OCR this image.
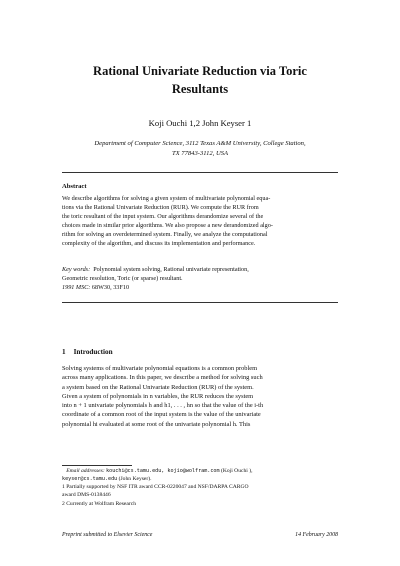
Rational Univariate Reduction via Toric
Resultants
Koji Ouchi 1,2 John Keyser 1
Department of Computer Science, 3112 Texas A&M University, College Station,
TX 77843-3112, USA
Abstract
We describe algorithms for solving a given system of multivariate polynomial equa-
tions via the Rational Univariate Reduction (RUR). We compute the RUR from
the toric resultant of the input system. Our algorithms derandomize several of the
choices made in similar prior algorithms. We also propose a new derandomized algo-
rithm for solving an overdetermined system. Finally, we analyze the computational
complexity of the algorithm, and discuss its implementation and performance.
Key words: Polynomial system solving, Rational univariate representation,
Geometric resolution, Toric (or sparse) resultant.
1991 MSC: 68W30, 33F10
1 Introduction
Solving systems of multivariate polynomial equations is a common problem
across many applications. In this paper, we describe a method for solving such
a system based on the Rational Univariate Reduction (RUR) of the system.
Given a system of polynomials in n variables, the RUR reduces the system
into n + 1 univariate polynomials h and h1, . . . , hn so that the value of the i-th
coordinate of a common root of the input system is the value of the univariate
polynomial hi evaluated at some root of the univariate polynomial h. This
Email addresses: kouchi@cs.tamu.edu, kojio@wolfram.com (Koji Ouchi ),
keyser@cs.tamu.edu (John Keyser).
1 Partially supported by NSF ITR award CCR-0220047 and NSF/DARPA CARGO
award DMS-0138446
2 Currently at Wolfram Research
Preprint submitted to Elsevier Science	14 February 2008
